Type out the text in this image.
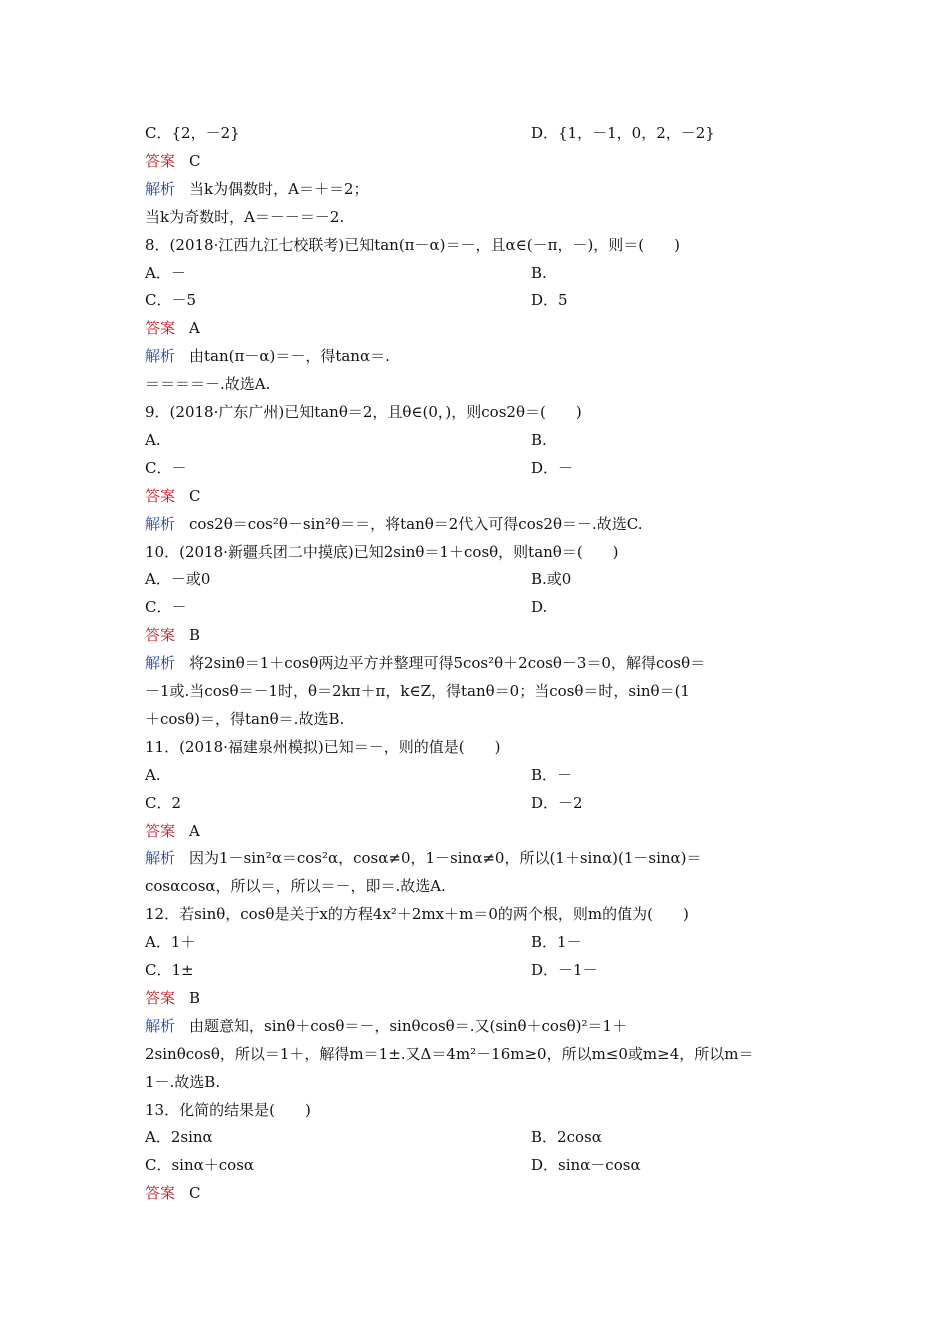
C．{2，－2}	D．{1，－1，0，2，－2}
答案 C
解析 当k为偶数时，A＝＋＝2；
当k为奇数时，A＝－－＝－2.
8．(2018·江西九江七校联考)已知tan(π－α)＝－，且α∈(－π，－)，则＝(　　)
A．－	B.
C．－5	D．5
答案 A
解析 由tan(π－α)＝－，得tanα＝.
＝＝＝＝－.故选A.
9．(2018·广东广州)已知tanθ＝2，且θ∈(0，)，则cos2θ＝(　　)
A.	B.
C．－	D．－
答案 C
解析 cos2θ＝cos²θ－sin²θ＝＝，将tanθ＝2代入可得cos2θ＝－.故选C.
10．(2018·新疆兵团二中摸底)已知2sinθ＝1＋cosθ，则tanθ＝(　　)
A．－或0	B.或0
C．－	D.
答案 B
解析 将2sinθ＝1＋cosθ两边平方并整理可得5cos²θ＋2cosθ－3＝0，解得cosθ＝
－1或.当cosθ＝－1时，θ＝2kπ＋π，k∈Z，得tanθ＝0；当cosθ＝时，sinθ＝(1
＋cosθ)＝，得tanθ＝.故选B.
11．(2018·福建泉州模拟)已知＝－，则的值是(　　)
A.	B．－
C．2	D．－2
答案 A
解析 因为1－sin²α＝cos²α，cosα≠0，1－sinα≠0，所以(1＋sinα)(1－sinα)＝
cosαcosα，所以＝，所以＝－，即＝.故选A.
12．若sinθ，cosθ是关于x的方程4x²＋2mx＋m＝0的两个根，则m的值为(　　)
A．1＋	B．1－
C．1±	D．－1－
答案 B
解析 由题意知，sinθ＋cosθ＝－，sinθcosθ＝.又(sinθ＋cosθ)²＝1＋
2sinθcosθ，所以＝1＋，解得m＝1±.又Δ＝4m²－16m≥0，所以m≤0或m≥4，所以m＝
1－.故选B.
13．化简的结果是(　　)
A．2sinα	B．2cosα
C．sinα＋cosα	D．sinα－cosα
答案 C
